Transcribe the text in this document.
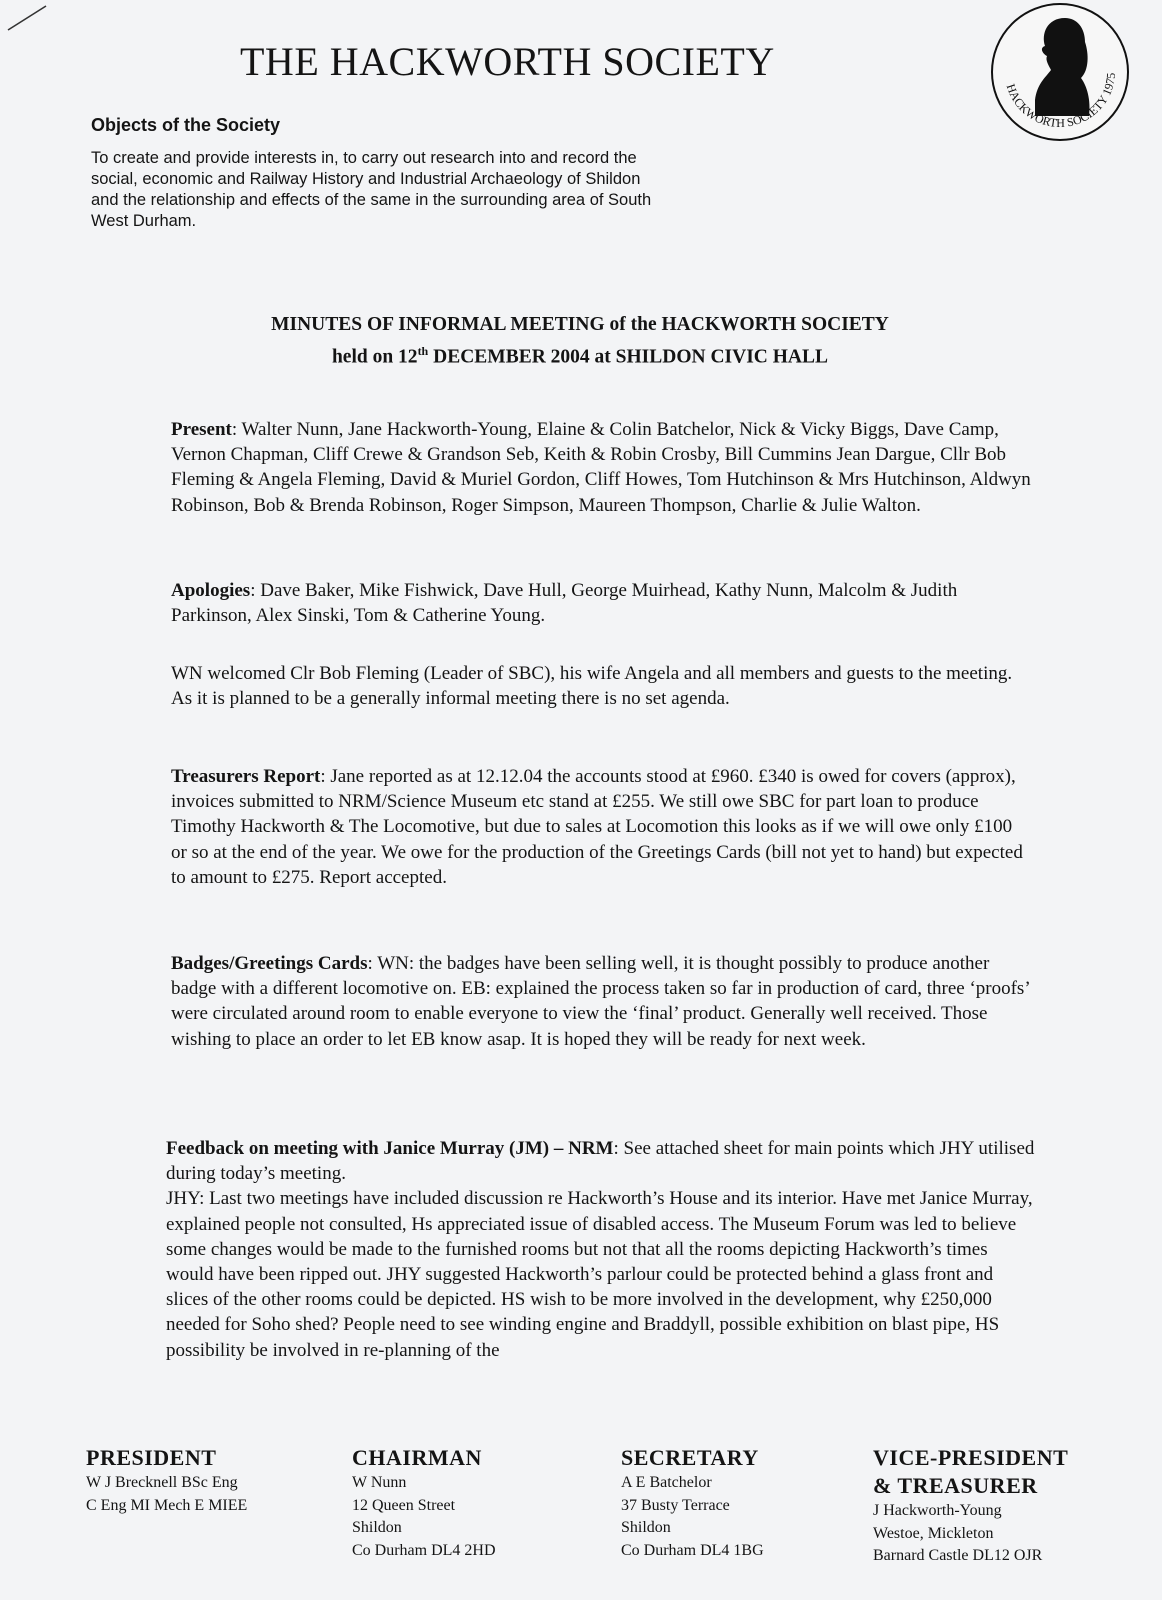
THE HACKWORTH SOCIETY
HACKWORTH SOCIETY 1975
Objects of the Society

To create and provide interests in, to carry out research into and record the social, economic and Railway History and Industrial Archaeology of Shildon and the relationship and effects of the same in the surrounding area of South West Durham.

MINUTES OF INFORMAL MEETING of the HACKWORTH SOCIETY
held on 12th DECEMBER 2004 at SHILDON CIVIC HALL

Present: Walter Nunn, Jane Hackworth-Young, Elaine & Colin Batchelor, Nick & Vicky Biggs, Dave Camp, Vernon Chapman, Cliff Crewe & Grandson Seb, Keith & Robin Crosby, Bill Cummins Jean Dargue, Cllr Bob Fleming & Angela Fleming, David & Muriel Gordon, Cliff Howes, Tom Hutchinson & Mrs Hutchinson, Aldwyn Robinson, Bob & Brenda Robinson, Roger Simpson, Maureen Thompson, Charlie & Julie Walton.

Apologies: Dave Baker, Mike Fishwick, Dave Hull, George Muirhead, Kathy Nunn, Malcolm & Judith Parkinson, Alex Sinski, Tom & Catherine Young.

WN welcomed Clr Bob Fleming (Leader of SBC), his wife Angela and all members and guests to the meeting. As it is planned to be a generally informal meeting there is no set agenda.

Treasurers Report: Jane reported as at 12.12.04 the accounts stood at £960. £340 is owed for covers (approx), invoices submitted to NRM/Science Museum etc stand at £255. We still owe SBC for part loan to produce Timothy Hackworth & The Locomotive, but due to sales at Locomotion this looks as if we will owe only £100 or so at the end of the year. We owe for the production of the Greetings Cards (bill not yet to hand) but expected to amount to £275. Report accepted.

Badges/Greetings Cards: WN: the badges have been selling well, it is thought possibly to produce another badge with a different locomotive on. EB: explained the process taken so far in production of card, three ‘proofs’ were circulated around room to enable everyone to view the ‘final’ product. Generally well received. Those wishing to place an order to let EB know asap. It is hoped they will be ready for next week.

Feedback on meeting with Janice Murray (JM) – NRM: See attached sheet for main points which JHY utilised during today’s meeting.
JHY: Last two meetings have included discussion re Hackworth’s House and its interior. Have met Janice Murray, explained people not consulted, Hs appreciated issue of disabled access. The Museum Forum was led to believe some changes would be made to the furnished rooms but not that all the rooms depicting Hackworth’s times would have been ripped out. JHY suggested Hackworth’s parlour could be protected behind a glass front and slices of the other rooms could be depicted. HS wish to be more involved in the development, why £250,000 needed for Soho shed? People need to see winding engine and Braddyll, possible exhibition on blast pipe, HS possibility be involved in re-planning of the
PRESIDENT
W J Brecknell BSc Eng
C Eng MI Mech E MIEE
CHAIRMAN
W Nunn
12 Queen Street
Shildon
Co Durham DL4 2HD
SECRETARY
A E Batchelor
37 Busty Terrace
Shildon
Co Durham DL4 1BG
VICE-PRESIDENT
& TREASURER
J Hackworth-Young
Westoe, Mickleton
Barnard Castle DL12 OJR
